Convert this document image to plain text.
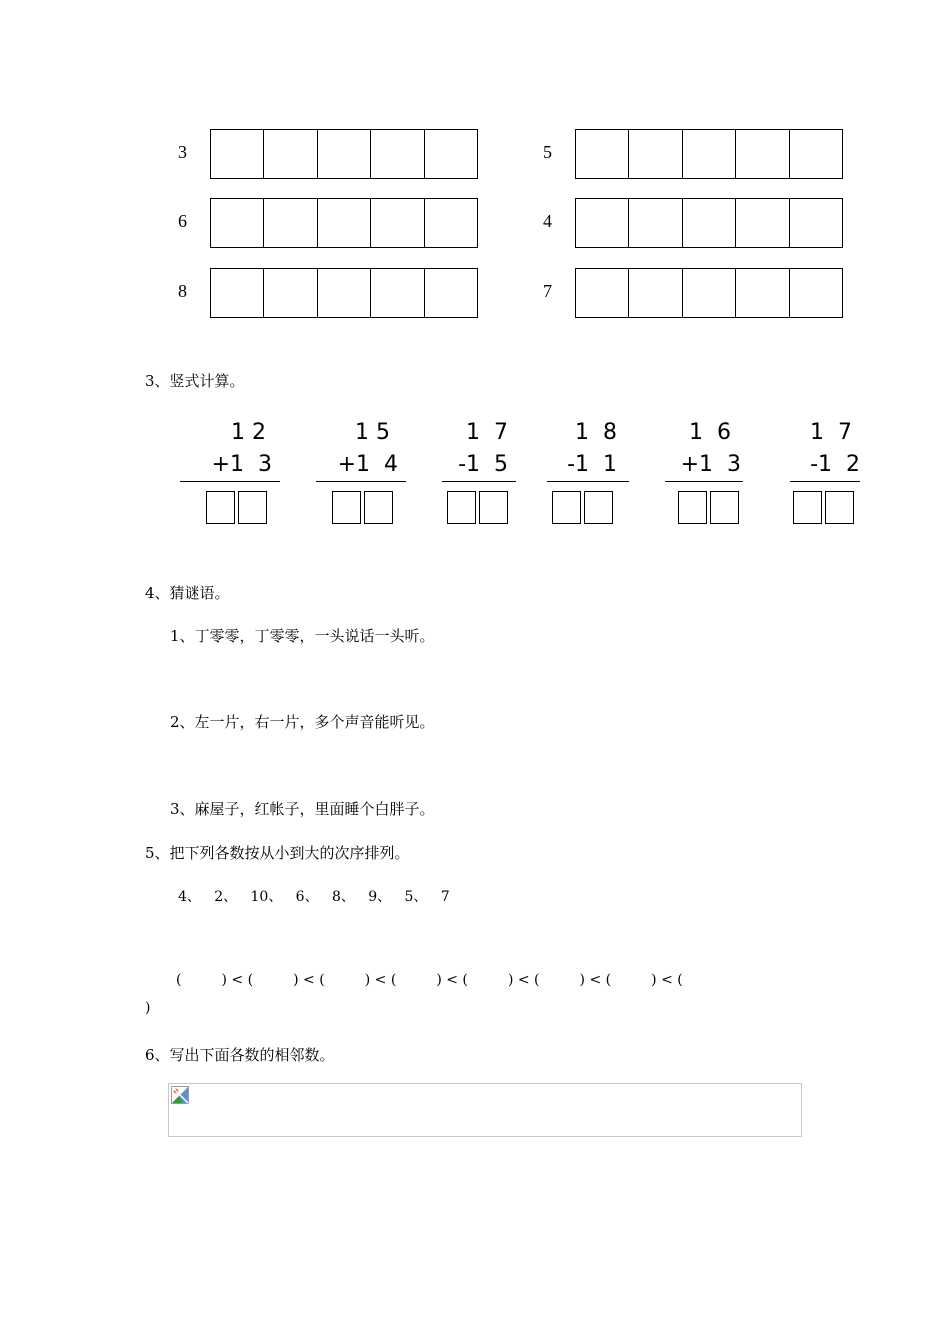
3
6
8
5
4
7
3、竖式计算。
1 2
+1  3
1 5
+1  4
1  7
-1  5
1  8
-1  1
1  6
+1  3
1  7
-1  2
4、猜谜语。
1、丁零零，丁零零，一头说话一头听。
2、左一片，右一片，多个声音能听见。
3、麻屋子，红帐子，里面睡个白胖子。
5、把下列各数按从小到大的次序排列。
4、   2、   10、   6、   8、   9、   5、   7
(         ) < (         ) < (         ) < (         ) < (         ) < (         ) < (         ) < (
)
6、写出下面各数的相邻数。
